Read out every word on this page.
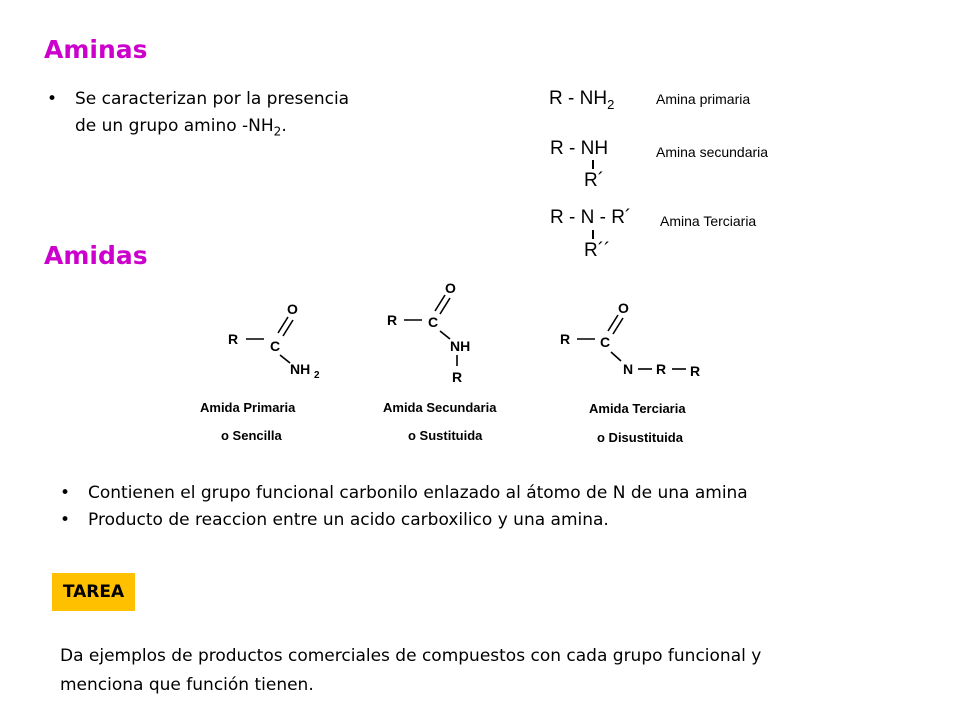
Aminas
•	Se caracterizan por la presencia
de un grupo amino $-NH_2$.
R - $NH_2$	Amina primaria
R - NH
R´
Amina secundaria
R - N - R´
R´´
Amina Terciaria
Amidas
R C
O
NH 2
Amida Primaria
o Sencilla
R C
O
NH
R
Amida Secundaria
o Sustituida
R C
O
N R R
Amida Terciaria
o Disustituida
•	Contienen el grupo funcional carbonilo enlazado al átomo de N de una amina
•	Producto de reaccion entre un acido carboxilico y una amina.
TAREA
Da ejemplos de productos comerciales de compuestos con cada grupo funcional y
menciona que función tienen.
